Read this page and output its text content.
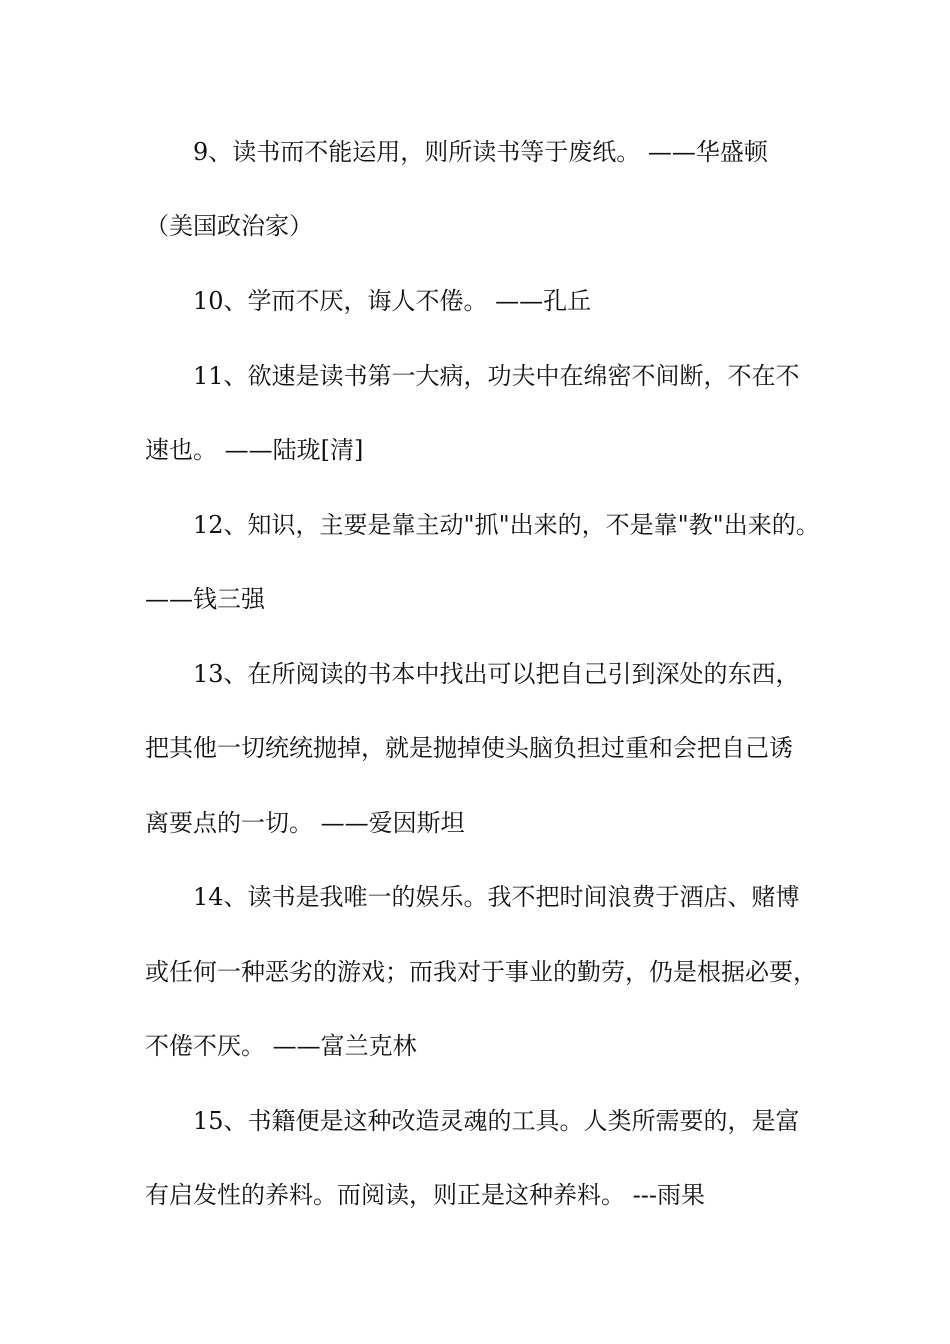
9、读书而不能运用，则所读书等于废纸。 ——华盛顿
（美国政治家）
10、学而不厌，诲人不倦。 ——孔丘
11、欲速是读书第一大病，功夫中在绵密不间断，不在不
速也。 ——陆珑[清]
12、知识，主要是靠主动"抓"出来的，不是靠"教"出来的。
——钱三强
13、在所阅读的书本中找出可以把自己引到深处的东西，
把其他一切统统抛掉，就是抛掉使头脑负担过重和会把自己诱
离要点的一切。 ——爱因斯坦
14、读书是我唯一的娱乐。我不把时间浪费于酒店、赌博
或任何一种恶劣的游戏；而我对于事业的勤劳，仍是根据必要，
不倦不厌。 ——富兰克林
15、书籍便是这种改造灵魂的工具。人类所需要的，是富
有启发性的养料。而阅读，则正是这种养料。 ---雨果
